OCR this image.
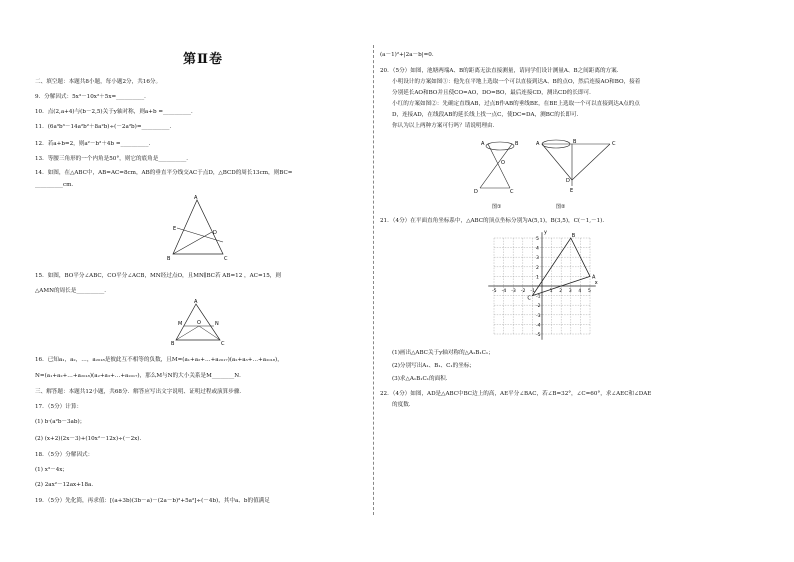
第Ⅱ卷
二、填空题：本题共8小题，每小题2分，共16分。
9．分解因式：5x³－10x²＋5x=__________．
10．点(2,a+4)与(b－2,5)关于y轴对称，则a+b =__________．
11．(6a³b³－14a²b²＋8a²b)÷(－2a²b)=__________．
12．若a+b=2，则a²－b²＋4b =__________．
13．等腰三角形的一个内角是50°，则它的底角是__________．
14．如图，在△ABC中，AB=AC=8cm，AB的垂直平分线交AC于点D，△BCD的周长13cm，则BC=
__________cm．
A
B	C
D
E
15．如图，BO平分∠ABC，CO平分∠ACB，MN经过点O，且MN∥BC若 AB=12 ，AC=15，则
△AMN的周长是__________．
A
B	C
M	N
O
16．已知a₁，a₂，…，a₂₀₁₈是彼此互不相等的负数，且M=(a₁+a₂+…+a₂₀₁₇)(a₂+a₃+…+a₂₀₁₈)，
N=(a₁+a₂+…+a₂₀₁₈)(a₂+a₃+…+a₂₀₁₇)，那么M与N的大小关系是M________N．
三、解答题：本题共12小题，共68分．解答应写出文字说明、证明过程或演算步骤．
17．（5分）计算：
(1) b·(a²b－3ab)；
(2) (x+2)(2x－3)+(10x²－12x)÷(－2x)．
18．（5分）分解因式：
(1) x³－4x；
(2) 2ax²－12ax+18a．
19．（5分）先化简，再求值：[(a+3b)(3b－a)－(2a－b)²+5a²]÷(－4b)，其中a、b的值满足
(a－1)²+|2a－b|=0．
20．（5分）如图，池塘两端A、B的距离无法直接测量，请同学们设计测量A、B之间距离的方案．
小明设计的方案如图①：他先在平地上选取一个可以直接到达A、B的点O，然后连接AO和BO，接着
分别延长AO和BO并且使CO=AO，DO=BO，最后连接CD，测出CD的长即可．
小红的方案如图②：先确定直线AB，过点B作AB的垂线BE，在BE上选取一个可以直接到达A点的点
D，连接AD，在线段AB的延长线上找一点C，使DC=DA，测BC的长即可．
你认为以上两种方案可行吗？请说明理由．
A	B
O
D	C
图①
A	B	C
D
E
图②
21．（4分）在平面直角坐标系中，△ABC的顶点坐标分别为A(5,1)，B(3,5)，C(－1,－1)．
x
y
-5 -4 -3 -2 -1	1 2 3 4 5
5
4
3
2
1
-1
-2
-3
-4
-5
A
B
C
(1)画出△ABC关于y轴对称的△A₁B₁C₁；
(2)分别写出A₁、B₁、C₁的坐标；
(3)求△A₁B₁C₁的面积．
22．（4分）如图，AD是△ABC中BC边上的高，AE平分∠BAC，若∠B=32°，∠C=60°，求∠AEC和∠DAE
的度数．
